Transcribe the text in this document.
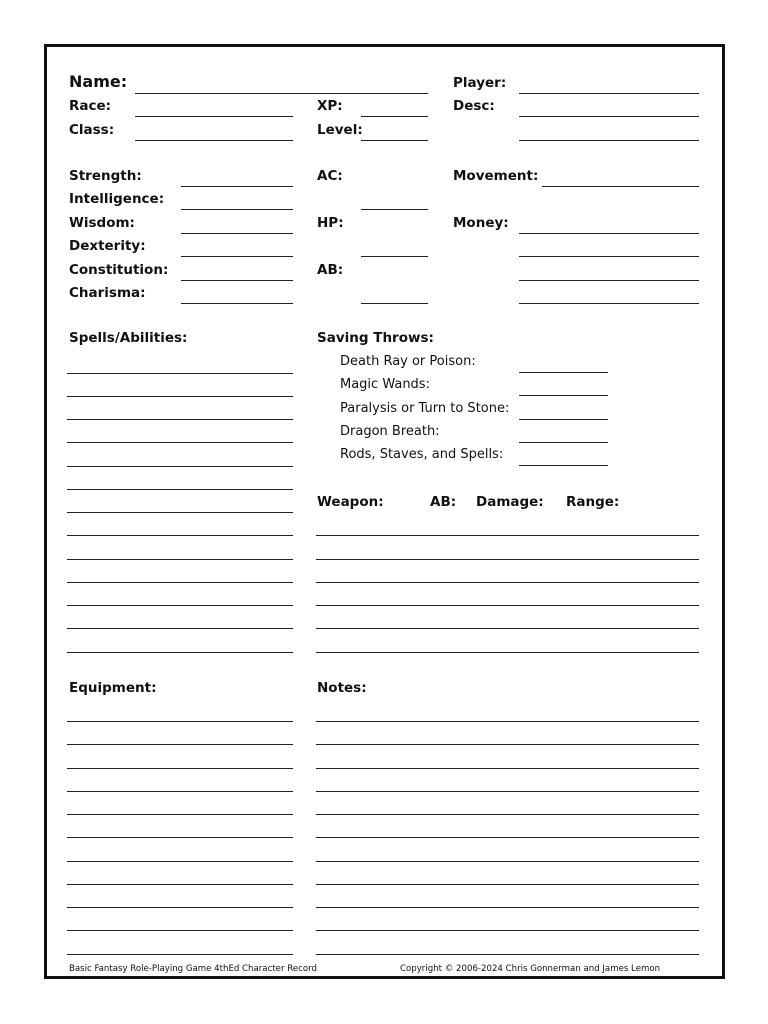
Name:	Player:
Race:	XP:	Desc:
Class:	Level:
Strength:
Intelligence:
Wisdom:
Dexterity:
Constitution:
Charisma:
AC:
HP:
AB:
Movement:
Money:
Spells/Abilities:	Saving Throws:
Death Ray or Poison:
Magic Wands:
Paralysis or Turn to Stone:
Dragon Breath:
Rods, Staves, and Spells:
Weapon:	AB: Damage: Range:
Equipment:	Notes:
Basic Fantasy Role-Playing Game 4thEd Character Record	Copyright © 2006-2024 Chris Gonnerman and James Lemon
